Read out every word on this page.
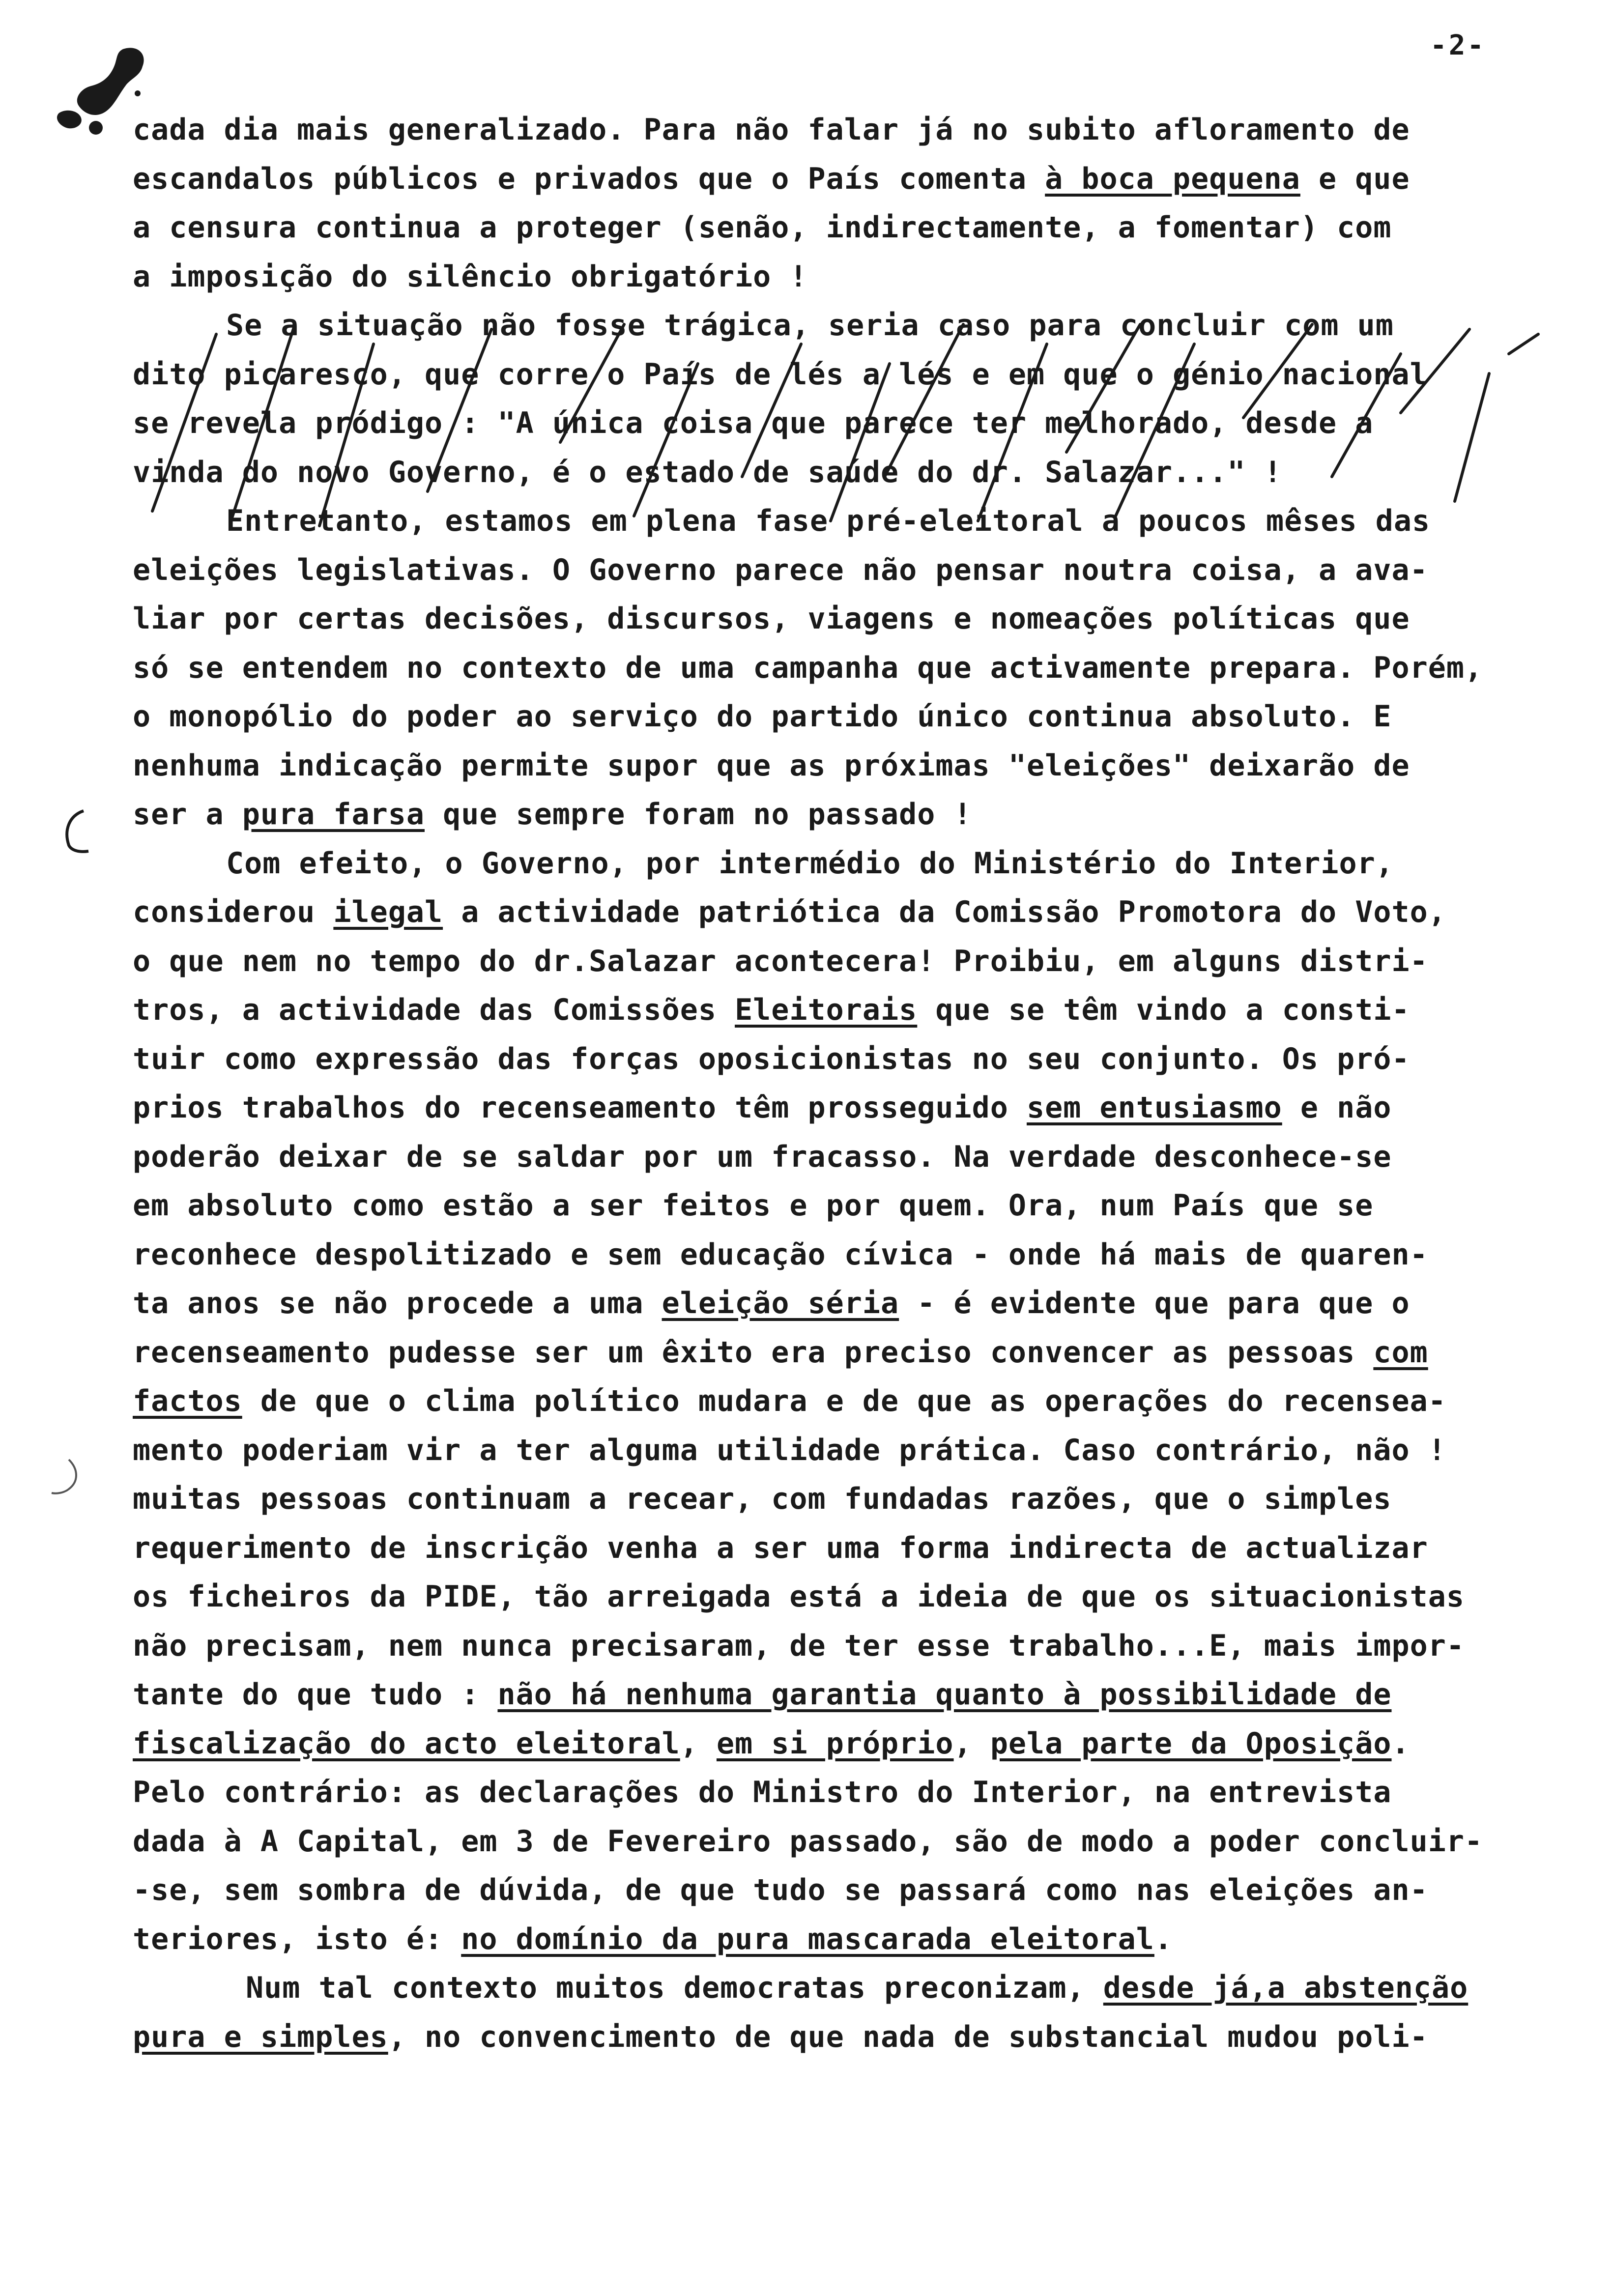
-2-
cada dia mais generalizado. Para não falar já no subito afloramento de
escandalos públicos e privados que o País comenta à boca pequena e que
a censura continua a proteger (senão, indirectamente, a fomentar) com
a imposição do silêncio obrigatório !
Se a situação não fosse trágica, seria caso para concluir com um
dito picaresco, que corre o País de lés a lés e em que o génio nacional
se revela pródigo : "A única coisa que parece ter melhorado, desde a
vinda do novo Governo, é o estado de saúde do dr. Salazar..." !
Entretanto, estamos em plena fase pré-eleitoral a poucos mêses das
eleições legislativas. O Governo parece não pensar noutra coisa, a ava-
liar por certas decisões, discursos, viagens e nomeações políticas que
só se entendem no contexto de uma campanha que activamente prepara. Porém,
o monopólio do poder ao serviço do partido único continua absoluto. E
nenhuma indicação permite supor que as próximas "eleições" deixarão de
ser a pura farsa que sempre foram no passado !
Com efeito, o Governo, por intermédio do Ministério do Interior,
considerou ilegal a actividade patriótica da Comissão Promotora do Voto,
o que nem no tempo do dr.Salazar acontecera! Proibiu, em alguns distri-
tros, a actividade das Comissões Eleitorais que se têm vindo a consti-
tuir como expressão das forças oposicionistas no seu conjunto. Os pró-
prios trabalhos do recenseamento têm prosseguido sem entusiasmo e não
poderão deixar de se saldar por um fracasso. Na verdade desconhece-se
em absoluto como estão a ser feitos e por quem. Ora, num País que se
reconhece despolitizado e sem educação cívica - onde há mais de quaren-
ta anos se não procede a uma eleição séria - é evidente que para que o
recenseamento pudesse ser um êxito era preciso convencer as pessoas com
factos de que o clima político mudara e de que as operações do recensea-
mento poderiam vir a ter alguma utilidade prática. Caso contrário, não !
muitas pessoas continuam a recear, com fundadas razões, que o simples
requerimento de inscrição venha a ser uma forma indirecta de actualizar
os ficheiros da PIDE, tão arreigada está a ideia de que os situacionistas
não precisam, nem nunca precisaram, de ter esse trabalho...E, mais impor-
tante do que tudo : não há nenhuma garantia quanto à possibilidade de
fiscalização do acto eleitoral, em si próprio, pela parte da Oposição.
Pelo contrário: as declarações do Ministro do Interior, na entrevista
dada à A Capital, em 3 de Fevereiro passado, são de modo a poder concluir-
-se, sem sombra de dúvida, de que tudo se passará como nas eleições an-
teriores, isto é: no domínio da pura mascarada eleitoral.
Num tal contexto muitos democratas preconizam, desde já,a abstenção
pura e simples, no convencimento de que nada de substancial mudou poli-
